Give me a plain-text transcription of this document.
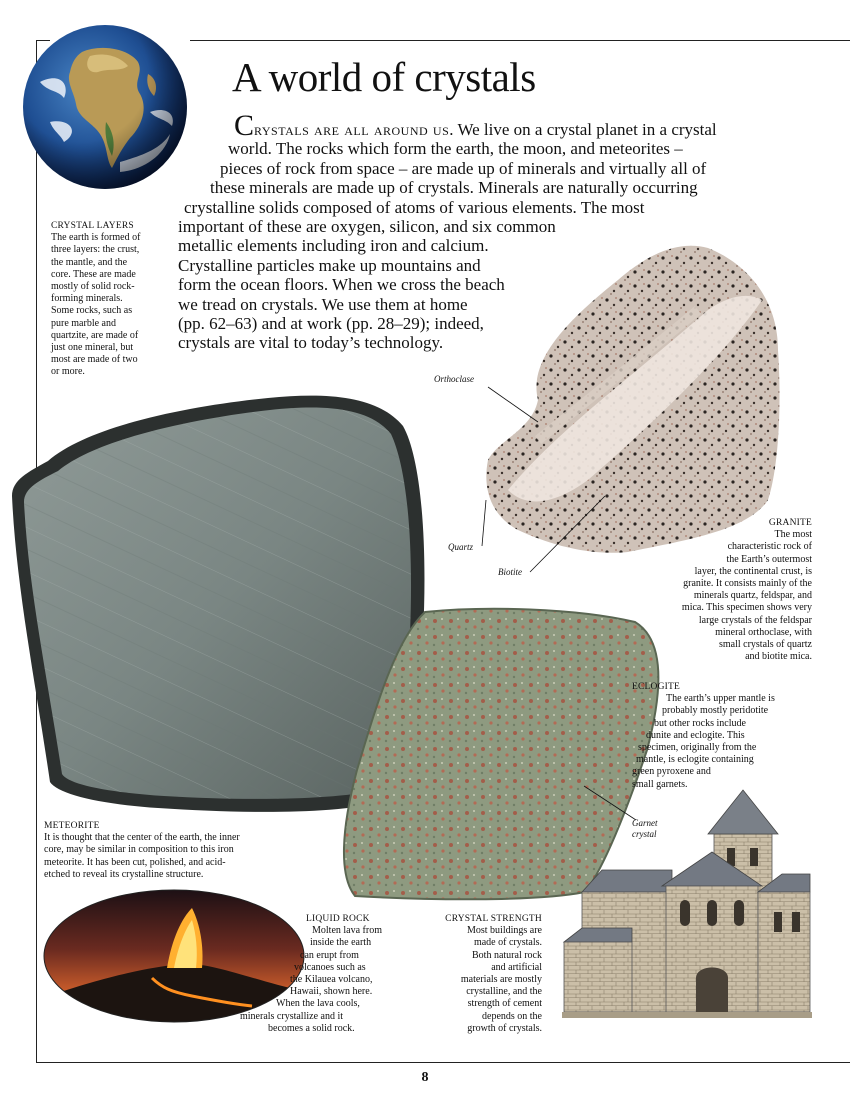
A world of crystals
Crystals are all around us. We live on a crystal planet in a crystal
world. The rocks which form the earth, the moon, and meteorites –
pieces of rock from space – are made up of minerals and virtually all of
these minerals are made up of crystals. Minerals are naturally occurring
crystalline solids composed of atoms of various elements. The most
important of these are oxygen, silicon, and six common
metallic elements including iron and calcium.
Crystalline particles make up mountains and
form the ocean floors. When we cross the beach
we tread on crystals. We use them at home
(pp. 62–63) and at work (pp. 28–29); indeed,
crystals are vital to today’s technology.
CRYSTAL LAYERS
The earth is formed of
three layers: the crust,
the mantle, and the
core. These are made
mostly of solid rock-
forming minerals.
Some rocks, such as
pure marble and
quartzite, are made of
just one mineral, but
most are made of two
or more.
Orthoclase
Quartz
Biotite
Garnet
crystal
GRANITE
The most
characteristic rock of
the Earth’s outermost
layer, the continental crust, is
granite. It consists mainly of the
minerals quartz, feldspar, and
mica. This specimen shows very
large crystals of the feldspar
mineral orthoclase, with
small crystals of quartz
and biotite mica.
ECLOGITE
The earth’s upper mantle is
probably mostly peridotite
but other rocks include
dunite and eclogite. This
specimen, originally from the
mantle, is eclogite containing
green pyroxene and
small garnets.
METEORITE
It is thought that the center of the earth, the inner
core, may be similar in composition to this iron
meteorite. It has been cut, polished, and acid-
etched to reveal its crystalline structure.
LIQUID ROCK
Molten lava from
inside the earth
can erupt from
volcanoes such as
the Kilauea volcano,
Hawaii, shown here.
When the lava cools,
minerals crystallize and it
becomes a solid rock.
CRYSTAL STRENGTH
Most buildings are
made of crystals.
Both natural rock
and artificial
materials are mostly
crystalline, and the
strength of cement
depends on the
growth of crystals.
8
